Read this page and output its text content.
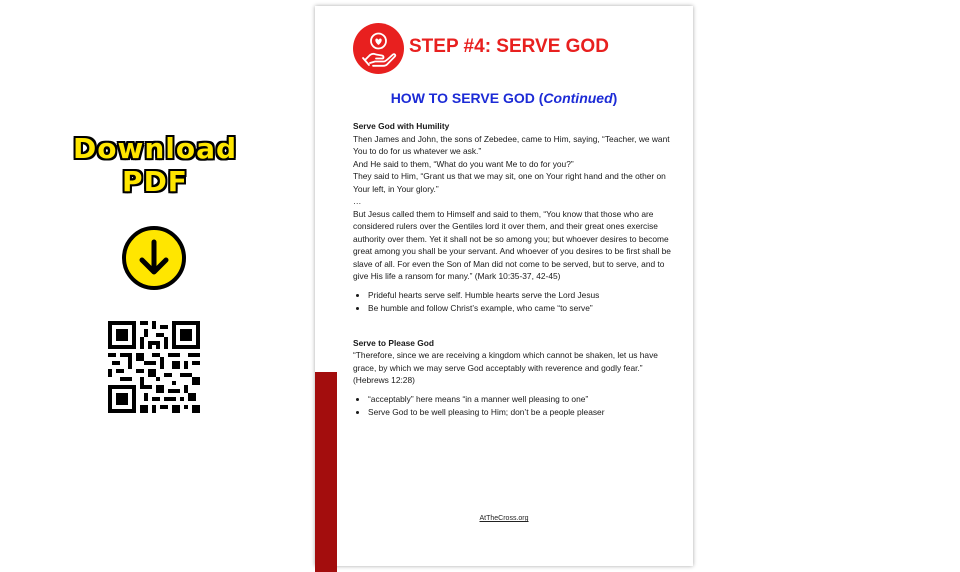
Download
PDF
STEP #4: SERVE GOD
HOW TO SERVE GOD (Continued)

Serve God with Humility

Then James and John, the sons of Zebedee, came to Him, saying, “Teacher, we want You to do for us whatever we ask.”

And He said to them, “What do you want Me to do for you?”

They said to Him, “Grant us that we may sit, one on Your right hand and the other on Your left, in Your glory.”

…

But Jesus called them to Himself and said to them, “You know that those who are considered rulers over the Gentiles lord it over them, and their great ones exercise authority over them. Yet it shall not be so among you; but whoever desires to become great among you shall be your servant. And whoever of you desires to be first shall be slave of all. For even the Son of Man did not come to be served, but to serve, and to give His life a ransom for many.” (Mark 10:35-37, 42-45)

• Prideful hearts serve self. Humble hearts serve the Lord Jesus
• Be humble and follow Christ’s example, who came “to serve”

Serve to Please God

“Therefore, since we are receiving a kingdom which cannot be shaken, let us have grace, by which we may serve God acceptably with reverence and godly fear.” (Hebrews 12:28)

• “acceptably” here means “in a manner well pleasing to one”
• Serve God to be well pleasing to Him; don’t be a people pleaser
AtTheCross.org
